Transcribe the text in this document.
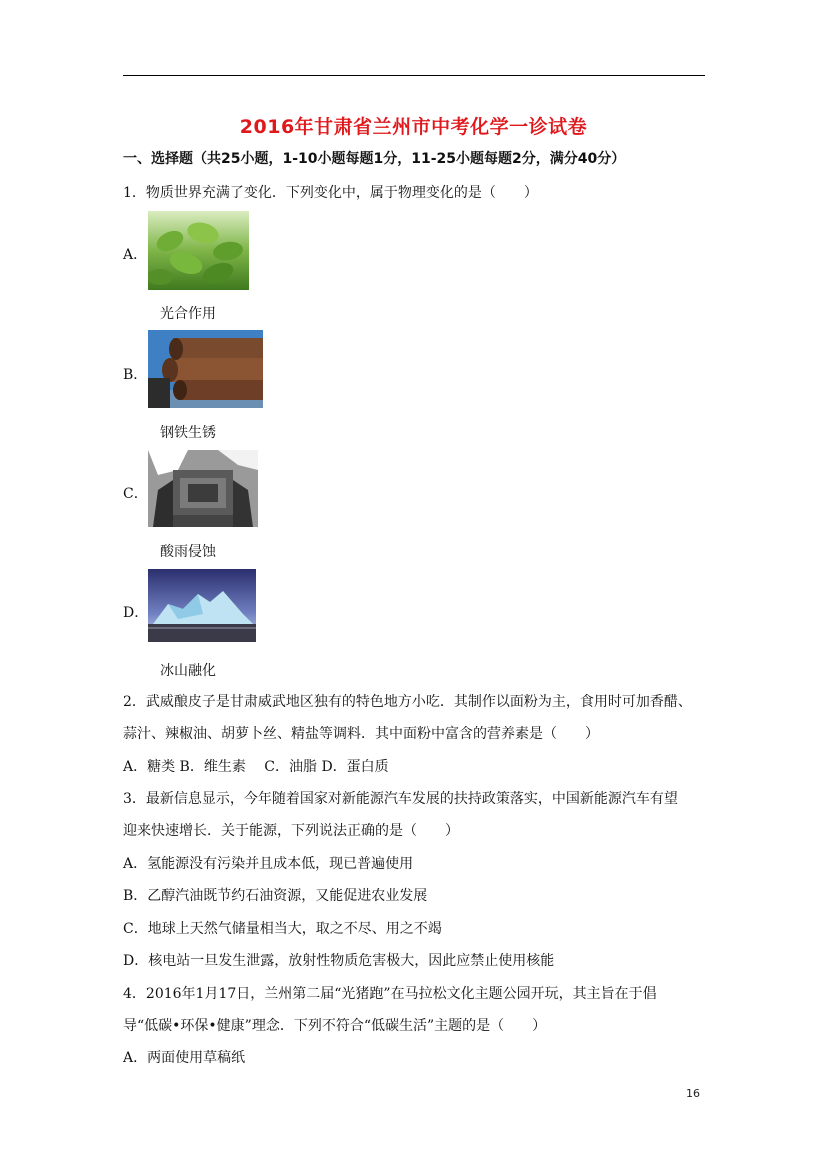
2016年甘肃省兰州市中考化学一诊试卷
一、选择题（共25小题，1-10小题每题1分，11-25小题每题2分，满分40分）
1．物质世界充满了变化．下列变化中，属于物理变化的是（　　）
A．
光合作用
B．
钢铁生锈
C．
酸雨侵蚀
D．
冰山融化
2．武威酿皮子是甘肃威武地区独有的特色地方小吃．其制作以面粉为主，食用时可加香醋、
蒜汁、辣椒油、胡萝卜丝、精盐等调料．其中面粉中富含的营养素是（　　）
A．糖类 B．维生素　 C．油脂 D．蛋白质
3．最新信息显示，今年随着国家对新能源汽车发展的扶持政策落实，中国新能源汽车有望
迎来快速增长．关于能源，下列说法正确的是（　　）
A．氢能源没有污染并且成本低，现已普遍使用
B．乙醇汽油既节约石油资源，又能促进农业发展
C．地球上天然气储量相当大，取之不尽、用之不竭
D．核电站一旦发生泄露，放射性物质危害极大，因此应禁止使用核能
4．2016年1月17日，兰州第二届“光猪跑”在马拉松文化主题公园开玩，其主旨在于倡
导“低碳•环保•健康”理念．下列不符合“低碳生活”主题的是（　　）
A．两面使用草稿纸
16
